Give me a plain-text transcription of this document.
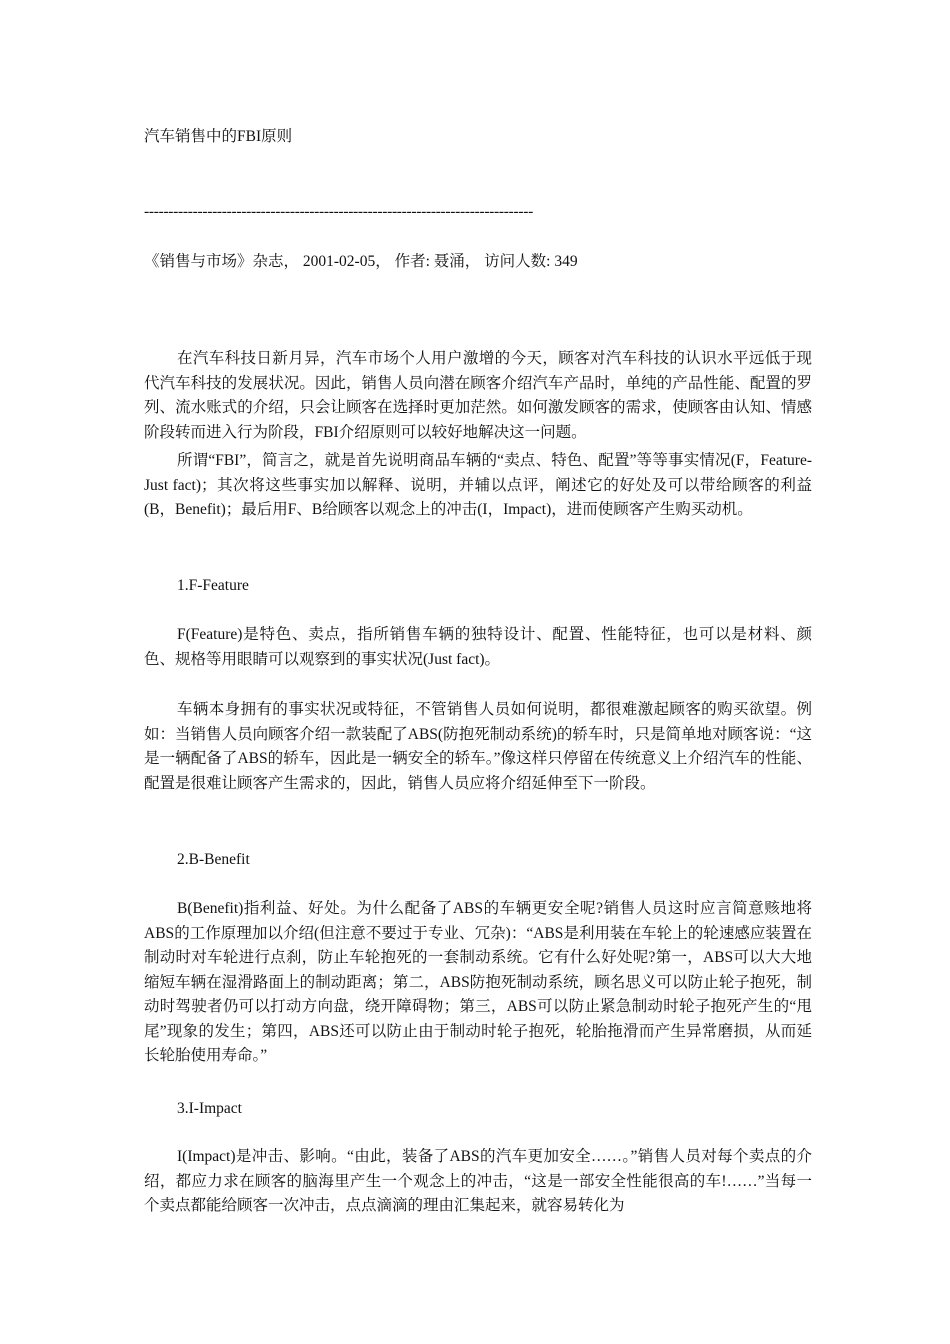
汽车销售中的FBI原则
--------------------------------------------------------------------------------
《销售与市场》杂志， 2001-02-05， 作者: 聂涌， 访问人数: 349
在汽车科技日新月异，汽车市场个人用户激增的今天，顾客对汽车科技的认识水平远低于现代汽车科技的发展状况。因此，销售人员向潜在顾客介绍汽车产品时，单纯的产品性能、配置的罗列、流水账式的介绍，只会让顾客在选择时更加茫然。如何激发顾客的需求，使顾客由认知、情感阶段转而进入行为阶段，FBI介绍原则可以较好地解决这一问题。
所谓“FBI”，简言之，就是首先说明商品车辆的“卖点、特色、配置”等等事实情况(F，Feature-Just fact)；其次将这些事实加以解释、说明，并辅以点评，阐述它的好处及可以带给顾客的利益(B，Benefit)；最后用F、B给顾客以观念上的冲击(I，Impact)，进而使顾客产生购买动机。
1.F-Feature
F(Feature)是特色、卖点，指所销售车辆的独特设计、配置、性能特征，也可以是材料、颜色、规格等用眼睛可以观察到的事实状况(Just fact)。
车辆本身拥有的事实状况或特征，不管销售人员如何说明，都很难激起顾客的购买欲望。例如：当销售人员向顾客介绍一款装配了ABS(防抱死制动系统)的轿车时，只是简单地对顾客说：“这是一辆配备了ABS的轿车，因此是一辆安全的轿车。”像这样只停留在传统意义上介绍汽车的性能、配置是很难让顾客产生需求的，因此，销售人员应将介绍延伸至下一阶段。
2.B-Benefit
B(Benefit)指利益、好处。为什么配备了ABS的车辆更安全呢?销售人员这时应言简意赅地将ABS的工作原理加以介绍(但注意不要过于专业、冗杂)：“ABS是利用装在车轮上的轮速感应装置在制动时对车轮进行点刹，防止车轮抱死的一套制动系统。它有什么好处呢?第一，ABS可以大大地缩短车辆在湿滑路面上的制动距离；第二，ABS防抱死制动系统，顾名思义可以防止轮子抱死，制动时驾驶者仍可以打动方向盘，绕开障碍物；第三，ABS可以防止紧急制动时轮子抱死产生的“甩尾”现象的发生；第四，ABS还可以防止由于制动时轮子抱死，轮胎拖滑而产生异常磨损，从而延长轮胎使用寿命。”
3.I-Impact
I(Impact)是冲击、影响。“由此，装备了ABS的汽车更加安全……。”销售人员对每个卖点的介绍，都应力求在顾客的脑海里产生一个观念上的冲击，“这是一部安全性能很高的车!……”当每一个卖点都能给顾客一次冲击，点点滴滴的理由汇集起来，就容易转化为
